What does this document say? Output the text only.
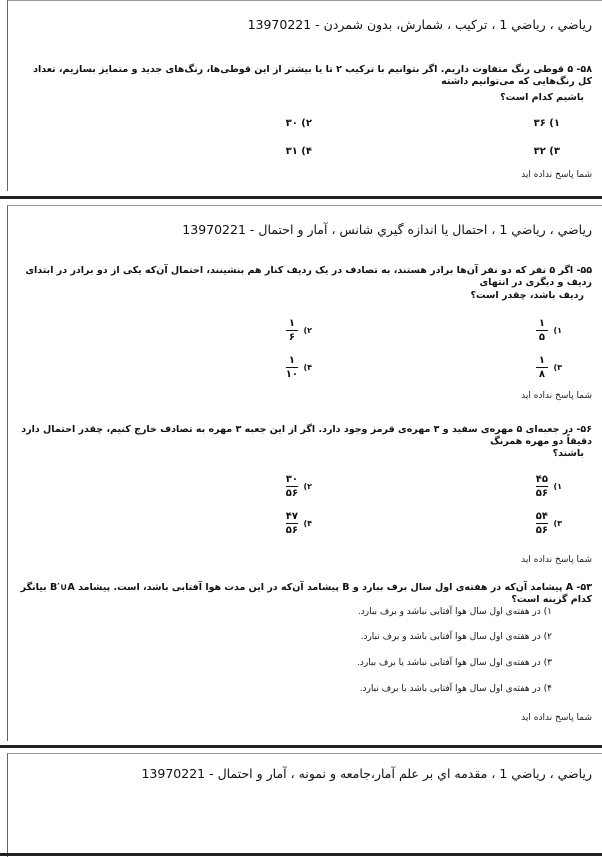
رياضي ، رياضي 1 ، تركيب ، شمارش، بدون شمردن - 13970221
۵۸- ۵ قوطی رنگ متفاوت داریم. اگر بتوانیم با ترکیب ۲ تا یا بیشتر از این قوطی‌ها، رنگ‌های جدید و متمایز بسازیم، تعداد کل رنگ‌هایی که می‌توانیم داشته
باشیم کدام است؟
۱) ۳۶
۲) ۳۰
۳) ۳۲
۴) ۳۱
شما پاسخ نداده ايد
رياضي ، رياضي 1 ، احتمال يا اندازه گيري شانس ، آمار و احتمال - 13970221
۵۵- اگر ۵ نفر که دو نفر آن‌ها برادر هستند، به تصادف در یک ردیف کنار هم بنشینند، احتمال آن‌که یکی از دو برادر در ابتدای ردیف و دیگری در انتهای
ردیف باشد، چقدر است؟
۱)
$\frac{۱}{۵}$
۲)
$\frac{۱}{۶}$
۳)
$\frac{۱}{۸}$
۴)
$\frac{۱}{۱۰}$
شما پاسخ نداده ايد
۵۶- در جعبه‌ای ۵ مهره‌ی سفید و ۳ مهره‌ی قرمز وجود دارد. اگر از این جعبه ۳ مهره به تصادف خارج کنیم، چقدر احتمال دارد دقیقاً دو مهره همرنگ
باشند؟
۱)
$\frac{۴۵}{۵۶}$
۲)
$\frac{۳۰}{۵۶}$
۳)
$\frac{۵۴}{۵۶}$
۴)
$\frac{۴۷}{۵۶}$
شما پاسخ نداده ايد
۵۳- A پیشامد آن‌که در هفته‌ی اول سال برف ببارد و B پیشامد آن‌که در این مدت هوا آفتابی باشد، است. پیشامد B′∪A بیانگر کدام گزینه است؟
۱) در هفته‌ی اول سال هوا آفتابی نباشد و برف ببارد.
۲) در هفته‌ی اول سال هوا آفتابی باشد و برف نبارد.
۳) در هفته‌ی اول سال هوا آفتابی نباشد یا برف ببارد.
۴) در هفته‌ی اول سال هوا آفتابی باشد یا برف نبارد.
شما پاسخ نداده ايد
رياضي ، رياضي 1 ، مقدمه اي بر علم آمار،جامعه و نمونه ، آمار و احتمال - 13970221
